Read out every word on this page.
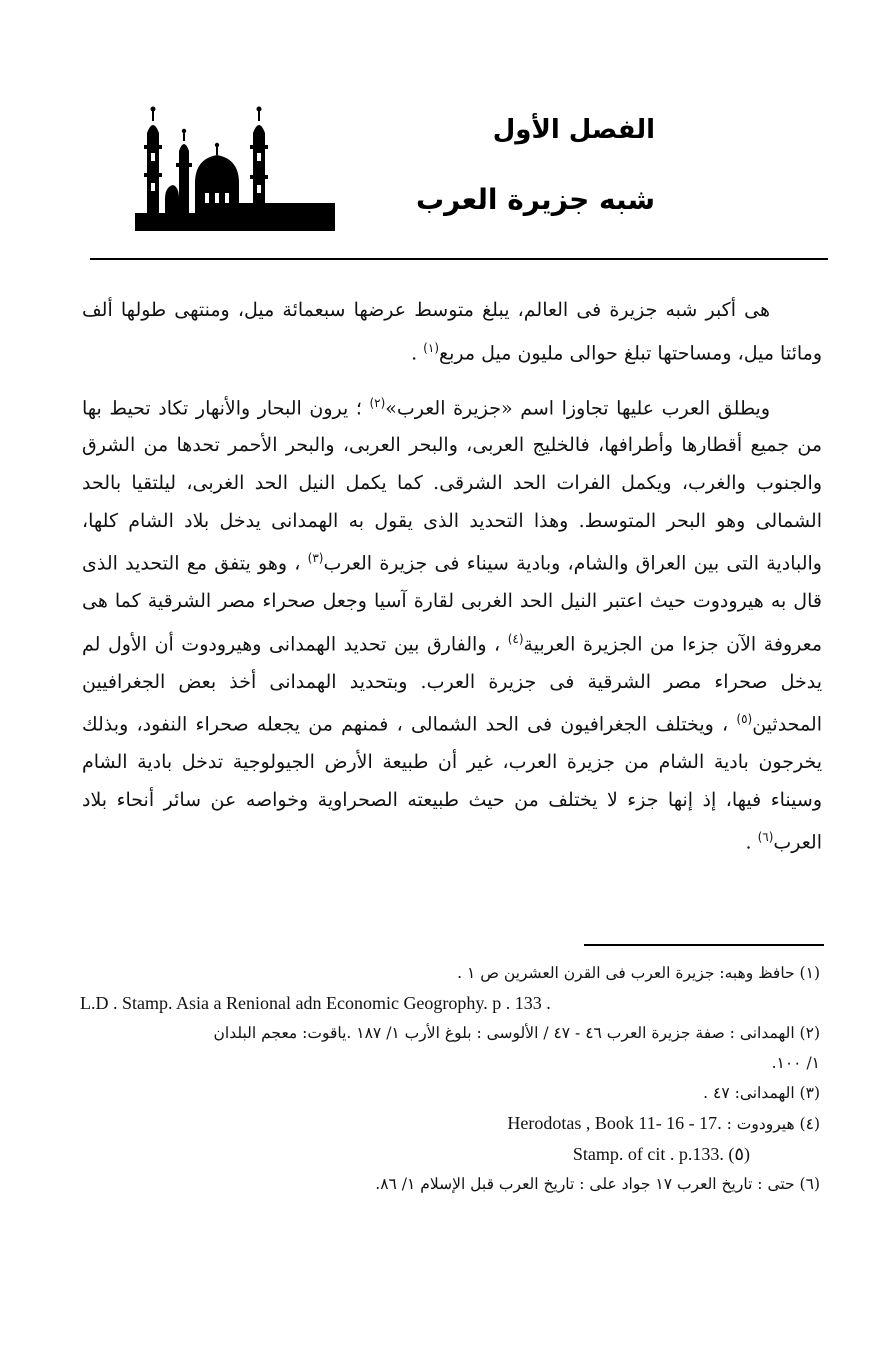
الفصل الأول
شبه جزيرة العرب

هى أكبر شبه جزيرة فى العالم، يبلغ متوسط عرضها سبعمائة ميل، ومنتهى طولها ألف ومائتا ميل، ومساحتها تبلغ حوالى مليون ميل مربع$^{(١)}$ .

ويطلق العرب عليها تجاوزا اسم «جزيرة العرب»$^{(٢)}$ ؛ يرون البحار والأنهار تكاد تحيط بها من جميع أقطارها وأطرافها، فالخليج العربى، والبحر العربى، والبحر الأحمر تحدها من الشرق والجنوب والغرب، ويكمل الفرات الحد الشرقى. كما يكمل النيل الحد الغربى، ليلتقيا بالحد الشمالى وهو البحر المتوسط. وهذا التحديد الذى يقول به الهمدانى يدخل بلاد الشام كلها، والبادية التى بين العراق والشام، وبادية سيناء فى جزيرة العرب$^{(٣)}$ ، وهو يتفق مع التحديد الذى قال به هيرودوت حيث اعتبر النيل الحد الغربى لقارة آسيا وجعل صحراء مصر الشرقية كما هى معروفة الآن جزءا من الجزيرة العربية$^{(٤)}$ ، والفارق بين تحديد الهمدانى وهيرودوت أن الأول لم يدخل صحراء مصر الشرقية فى جزيرة العرب. وبتحديد الهمدانى أخذ بعض الجغرافيين المحدثين$^{(٥)}$ ، ويختلف الجغرافيون فى الحد الشمالى ، فمنهم من يجعله صحراء النفود، وبذلك يخرجون بادية الشام من جزيرة العرب، غير أن طبيعة الأرض الجيولوجية تدخل بادية الشام وسيناء فيها، إذ إنها جزء لا يختلف من حيث طبيعته الصحراوية وخواصه عن سائر أنحاء بلاد العرب$^{(٦)}$ .

(١) حافظ وهبه: جزيرة العرب فى القرن العشرين ص ١ .
L.D . Stamp. Asia a Renional adn Economic Geogrophy. p . 133 .
(٢) الهمدانى : صفة جزيرة العرب ٤٦ - ٤٧ / الألوسى : بلوغ الأرب ١/ ١٨٧ .ياقوت: معجم البلدان
١/ ١٠٠.
(٣) الهمدانى: ٤٧ .
(٤) هيرودوت : .Herodotas , Book 11- 16 - 17
Stamp. of cit . p.133. (٥)
(٦) حتى : تاريخ العرب ١٧ جواد على : تاريخ العرب قبل الإسلام ١/ ٨٦.
